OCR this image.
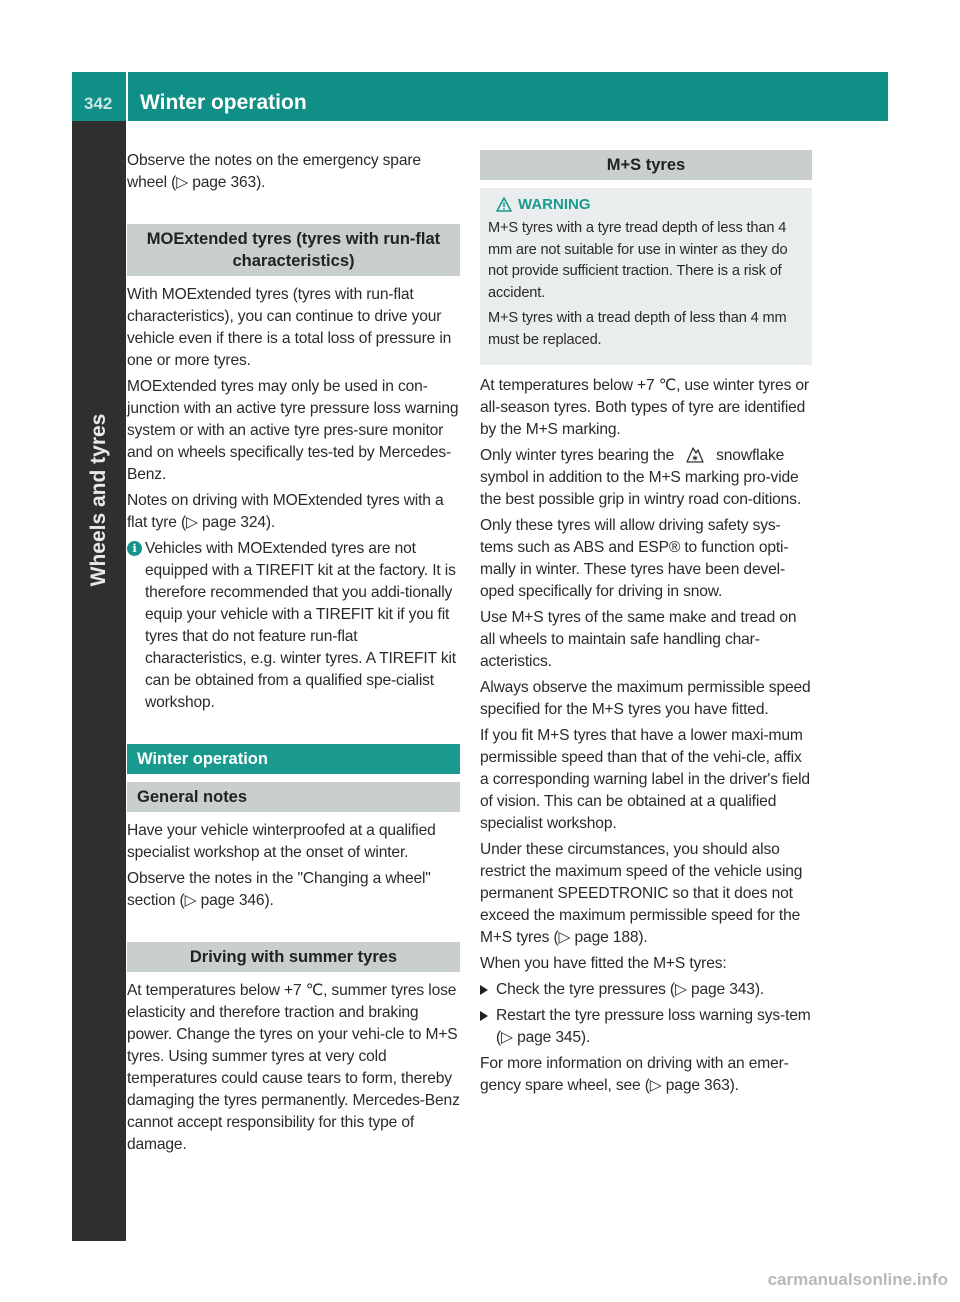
342 Winter operation
Wheels and tyres

Observe the notes on the emergency spare wheel (▷ page 363).

MOExtended tyres (tyres with run-flat characteristics)

With MOExtended tyres (tyres with run-flat characteristics), you can continue to drive your vehicle even if there is a total loss of pressure in one or more tyres.

MOExtended tyres may only be used in con-junction with an active tyre pressure loss warning system or with an active tyre pres-sure monitor and on wheels specifically tes-ted by Mercedes-Benz.

Notes on driving with MOExtended tyres with a flat tyre (▷ page 324).

i Vehicles with MOExtended tyres are not equipped with a TIREFIT kit at the factory. It is therefore recommended that you addi-tionally equip your vehicle with a TIREFIT kit if you fit tyres that do not feature run-flat characteristics, e.g. winter tyres. A TIREFIT kit can be obtained from a qualified spe-cialist workshop.
Winter operation
General notes

Have your vehicle winterproofed at a qualified specialist workshop at the onset of winter.

Observe the notes in the "Changing a wheel" section (▷ page 346).

Driving with summer tyres

At temperatures below +7 ℃, summer tyres lose elasticity and therefore traction and braking power. Change the tyres on your vehi-cle to M+S tyres. Using summer tyres at very cold temperatures could cause tears to form, thereby damaging the tyres permanently. Mercedes-Benz cannot accept responsibility for this type of damage.

M+S tyres
WARNING

M+S tyres with a tyre tread depth of less than 4 mm are not suitable for use in winter as they do not provide sufficient traction. There is a risk of accident.

M+S tyres with a tread depth of less than 4 mm must be replaced.

At temperatures below +7 ℃, use winter tyres or all-season tyres. Both types of tyre are identified by the M+S marking.

Only winter tyres bearing the	snowflake symbol in addition to the M+S marking pro-vide the best possible grip in wintry road con-ditions.

Only these tyres will allow driving safety sys-tems such as ABS and ESP® to function opti-mally in winter. These tyres have been devel-oped specifically for driving in snow.

Use M+S tyres of the same make and tread on all wheels to maintain safe handling char-acteristics.

Always observe the maximum permissible speed specified for the M+S tyres you have fitted.

If you fit M+S tyres that have a lower maxi-mum permissible speed than that of the vehi-cle, affix a corresponding warning label in the driver's field of vision. This can be obtained at a qualified specialist workshop.

Under these circumstances, you should also restrict the maximum speed of the vehicle using permanent SPEEDTRONIC so that it does not exceed the maximum permissible speed for the M+S tyres (▷ page 188).

When you have fitted the M+S tyres:

Check the tyre pressures (▷ page 343).
Restart the tyre pressure loss warning sys-tem (▷ page 345).

For more information on driving with an emer-gency spare wheel, see (▷ page 363).

carmanualsonline.info
